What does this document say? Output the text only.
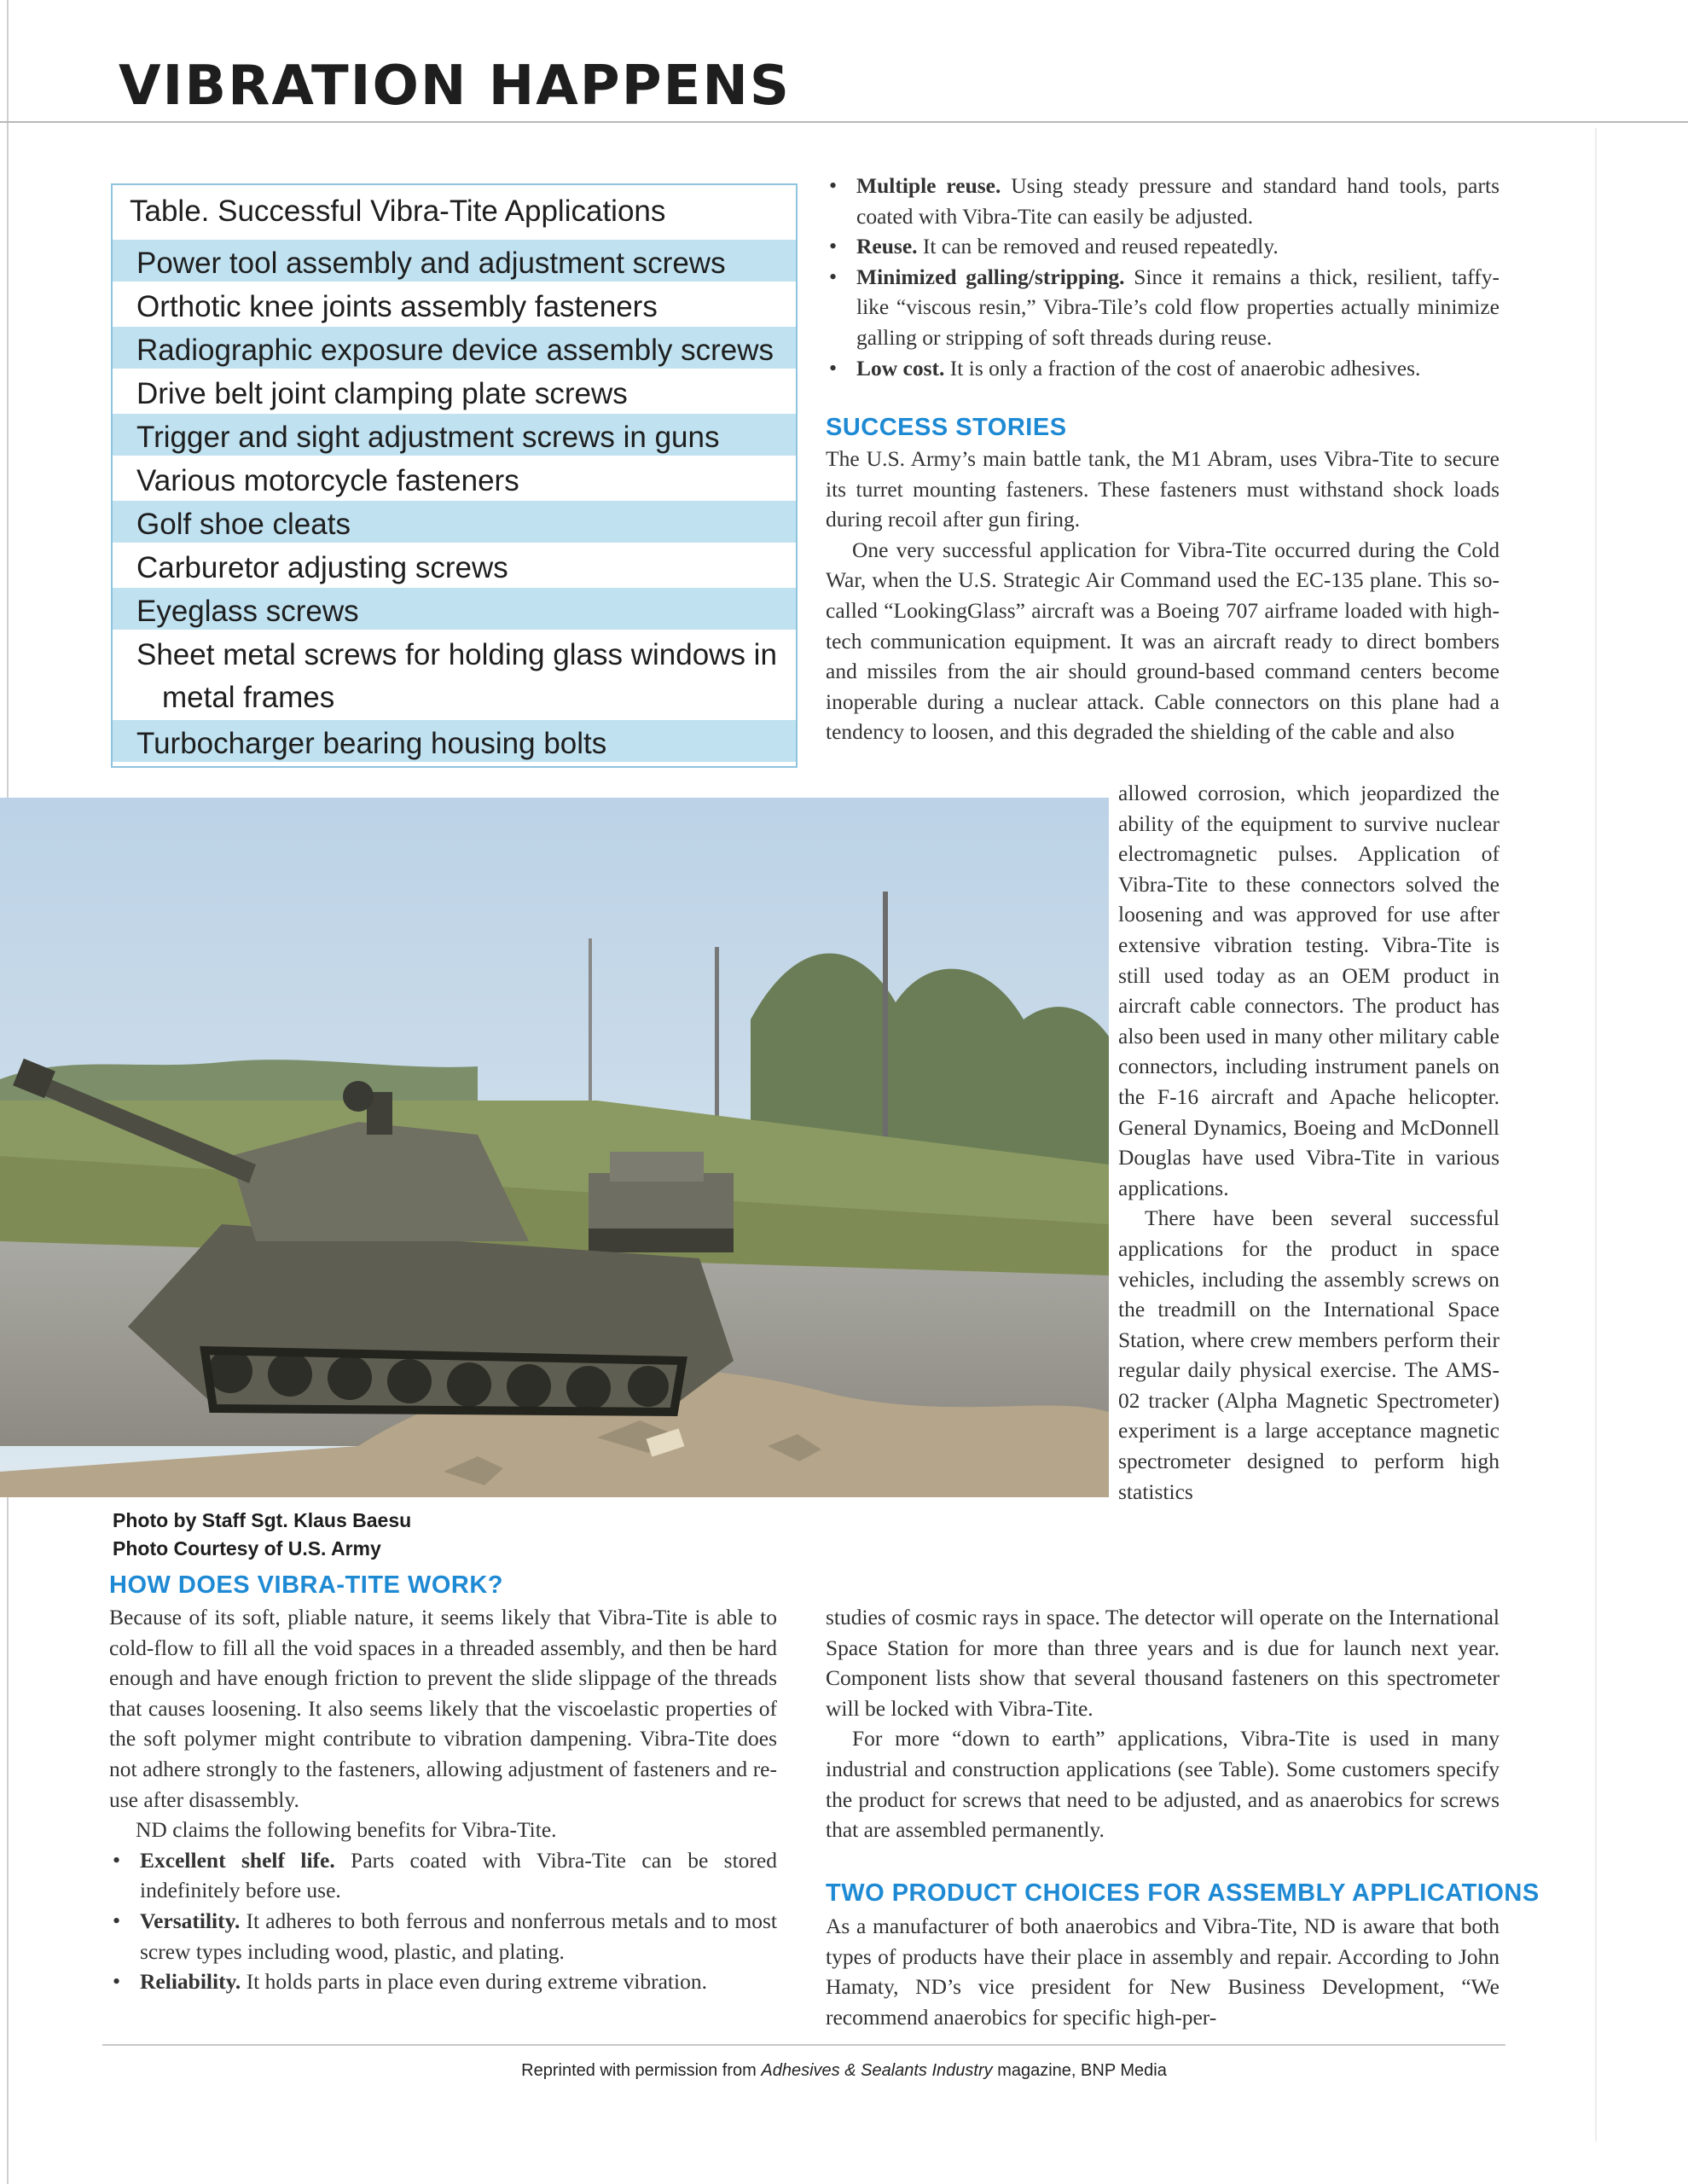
VIBRATION HAPPENS
Table. Successful Vibra-Tite Applications
Power tool assembly and adjustment screws
Orthotic knee joints assembly fasteners
Radiographic exposure device assembly screws
Drive belt joint clamping plate screws
Trigger and sight adjustment screws in guns
Various motorcycle fasteners
Golf shoe cleats
Carburetor adjusting screws
Eyeglass screws
Sheet metal screws for holding glass windows in
metal frames
Turbocharger bearing housing bolts
Photo by Staff Sgt. Klaus Baesu
Photo Courtesy of U.S. Army
HOW DOES VIBRA-TITE WORK?

Because of its soft, pliable nature, it seems likely that Vibra-Tite is able to cold-flow to fill all the void spaces in a threaded assembly, and then be hard enough and have enough friction to prevent the slide slippage of the threads that causes loosening. It also seems likely that the viscoelastic properties of the soft polymer might contribute to vibration dampening. Vibra-Tite does not adhere strongly to the fasteners, allowing adjustment of fasteners and re-use after disassembly.

ND claims the following benefits for Vibra-Tite.

• Excellent shelf life. Parts coated with Vibra-Tite can be stored indefinitely before use.
• Versatility. It adheres to both ferrous and nonferrous metals and to most screw types including wood, plastic, and plating.
• Reliability. It holds parts in place even during extreme vibration.
• Multiple reuse. Using steady pressure and standard hand tools, parts coated with Vibra-Tite can easily be adjusted.
• Reuse. It can be removed and reused repeatedly.
• Minimized galling/stripping. Since it remains a thick, resilient, taffy-like “viscous resin,” Vibra-Tile’s cold flow properties actually minimize galling or stripping of soft threads during reuse.
• Low cost. It is only a fraction of the cost of anaerobic adhesives.
SUCCESS STORIES

The U.S. Army’s main battle tank, the M1 Abram, uses Vibra-Tite to secure its turret mounting fasteners. These fasteners must withstand shock loads during recoil after gun firing.

One very successful application for Vibra-Tite occurred during the Cold War, when the U.S. Strategic Air Command used the EC-135 plane. This so-called “LookingGlass” aircraft was a Boeing 707 airframe loaded with high-tech communication equipment. It was an aircraft ready to direct bombers and missiles from the air should ground-based command centers become inoperable during a nuclear attack. Cable connectors on this plane had a tendency to loosen, and this degraded the shielding of the cable and also

allowed corrosion, which jeopardized the ability of the equipment to survive nuclear electromagnetic pulses. Application of Vibra-Tite to these connectors solved the loosening and was approved for use after extensive vibration testing. Vibra-Tite is still used today as an OEM product in aircraft cable connectors. The product has also been used in many other military cable connectors, including instrument panels on the F-16 aircraft and Apache helicopter. General Dynamics, Boeing and McDonnell Douglas have used Vibra-Tite in various applications.

There have been several successful applications for the product in space vehicles, including the assembly screws on the treadmill on the International Space Station, where crew members perform their regular daily physical exercise. The AMS-02 tracker (Alpha Magnetic Spectrometer) experiment is a large acceptance magnetic spectrometer designed to perform high statistics

studies of cosmic rays in space. The detector will operate on the International Space Station for more than three years and is due for launch next year. Component lists show that several thousand fasteners on this spectrometer will be locked with Vibra-Tite.

For more “down to earth” applications, Vibra-Tite is used in many industrial and construction applications (see Table). Some customers specify the product for screws that need to be adjusted, and as anaerobics for screws that are assembled permanently.

TWO PRODUCT CHOICES FOR ASSEMBLY APPLICATIONS

As a manufacturer of both anaerobics and Vibra-Tite, ND is aware that both types of products have their place in assembly and repair. According to John Hamaty, ND’s vice president for New Business Development, “We recommend anaerobics for specific high-per-

Reprinted with permission from Adhesives & Sealants Industry magazine, BNP Media
